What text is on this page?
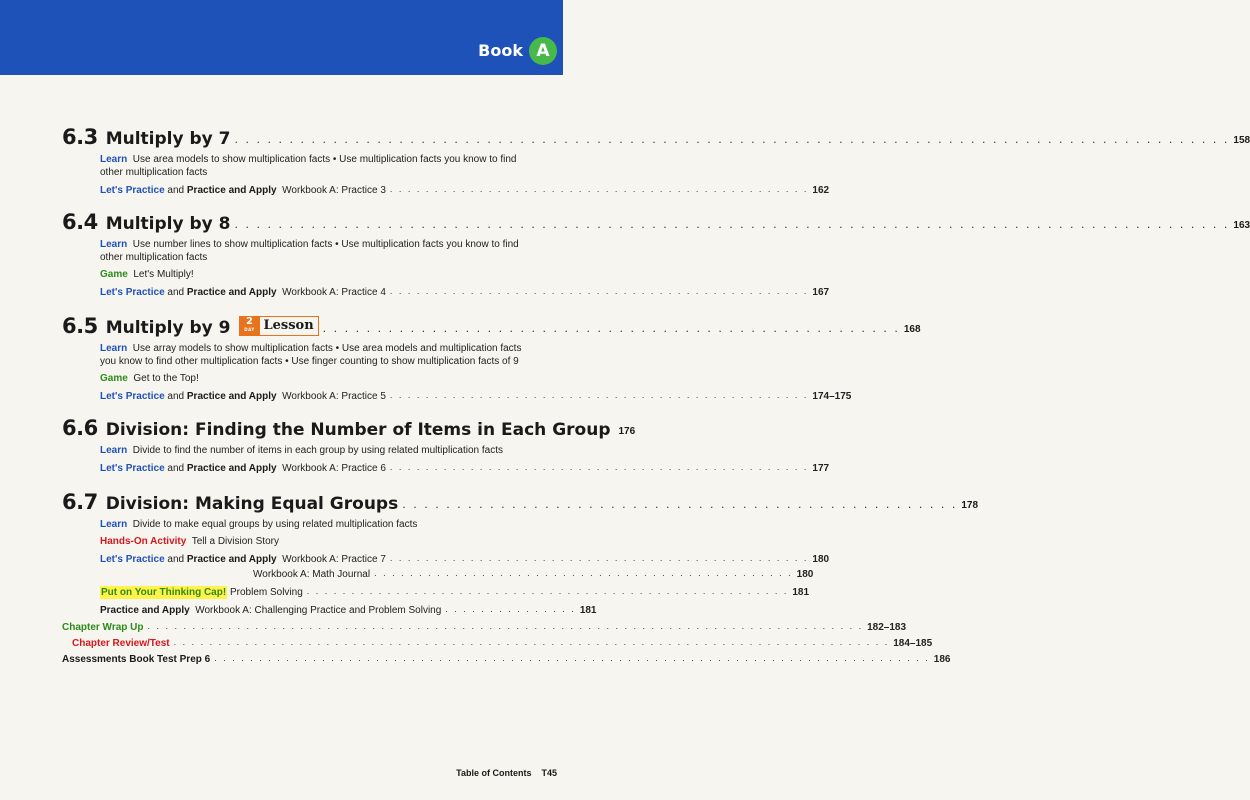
Book A
6.3 Multiply by 7 . . . . . . . . . . . . . . . . . . . . . . . . . . . . . . . . . . . . . . . . . . . . . . . . . . . . . . . . . . . . . . . . . . . . . . . . . . . . . . . . . . . . . . . . . . . 158
Learn Use area models to show multiplication facts • Use multiplication facts you know to find
other multiplication facts
Let's Practice
and
Practice and Apply
Workbook A: Practice 3 . . . . . . . . . . . . . . . . . . . . . . . . . . . . . . . . . . . . . . . . . . . . . . . 162
6.4 Multiply by 8 . . . . . . . . . . . . . . . . . . . . . . . . . . . . . . . . . . . . . . . . . . . . . . . . . . . . . . . . . . . . . . . . . . . . . . . . . . . . . . . . . . . . . . . . . . . 163
Learn Use number lines to show multiplication facts • Use multiplication facts you know to find
other multiplication facts
Game Let's Multiply!
Let's Practice
and
Practice and Apply
Workbook A: Practice 4 . . . . . . . . . . . . . . . . . . . . . . . . . . . . . . . . . . . . . . . . . . . . . . . 167
6.5 Multiply by 9 2
DAY Lesson . . . . . . . . . . . . . . . . . . . . . . . . . . . . . . . . . . . . . . . . . . . . . . . . . . . . . 168
Learn Use array models to show multiplication facts • Use area models and multiplication facts
you know to find other multiplication facts • Use finger counting to show multiplication facts of 9
Game Get to the Top!
Let's Practice
and
Practice and Apply
Workbook A: Practice 5 . . . . . . . . . . . . . . . . . . . . . . . . . . . . . . . . . . . . . . . . . . . . . . . 174–175
6.6 Division: Finding the Number of Items in Each Group 176
Learn Divide to find the number of items in each group by using related multiplication facts
Let's Practice
and
Practice and Apply
Workbook A: Practice 6 . . . . . . . . . . . . . . . . . . . . . . . . . . . . . . . . . . . . . . . . . . . . . . . 177
6.7 Division: Making Equal Groups . . . . . . . . . . . . . . . . . . . . . . . . . . . . . . . . . . . . . . . . . . . . . . . . . . . 178
Learn Divide to make equal groups by using related multiplication facts
Hands-On Activity Tell a Division Story
Let's Practice
and
Practice and Apply
Workbook A: Practice 7 . . . . . . . . . . . . . . . . . . . . . . . . . . . . . . . . . . . . . . . . . . . . . . . 180
Workbook A: Math Journal . . . . . . . . . . . . . . . . . . . . . . . . . . . . . . . . . . . . . . . . . . . . . . . 180
Put on Your Thinking Cap!
Problem Solving . . . . . . . . . . . . . . . . . . . . . . . . . . . . . . . . . . . . . . . . . . . . . . . . . . . . . . 181
Practice and Apply
Workbook A: Challenging Practice and Problem Solving . . . . . . . . . . . . . . . 181
Chapter Wrap Up . . . . . . . . . . . . . . . . . . . . . . . . . . . . . . . . . . . . . . . . . . . . . . . . . . . . . . . . . . . . . . . . . . . . . . . . . . . . . . . . 182–183
Chapter Review/Test . . . . . . . . . . . . . . . . . . . . . . . . . . . . . . . . . . . . . . . . . . . . . . . . . . . . . . . . . . . . . . . . . . . . . . . . . . . . . . . . 184–185
Assessments Book Test Prep 6 . . . . . . . . . . . . . . . . . . . . . . . . . . . . . . . . . . . . . . . . . . . . . . . . . . . . . . . . . . . . . . . . . . . . . . . . . . . . . . . . 186
Table of Contents T45
